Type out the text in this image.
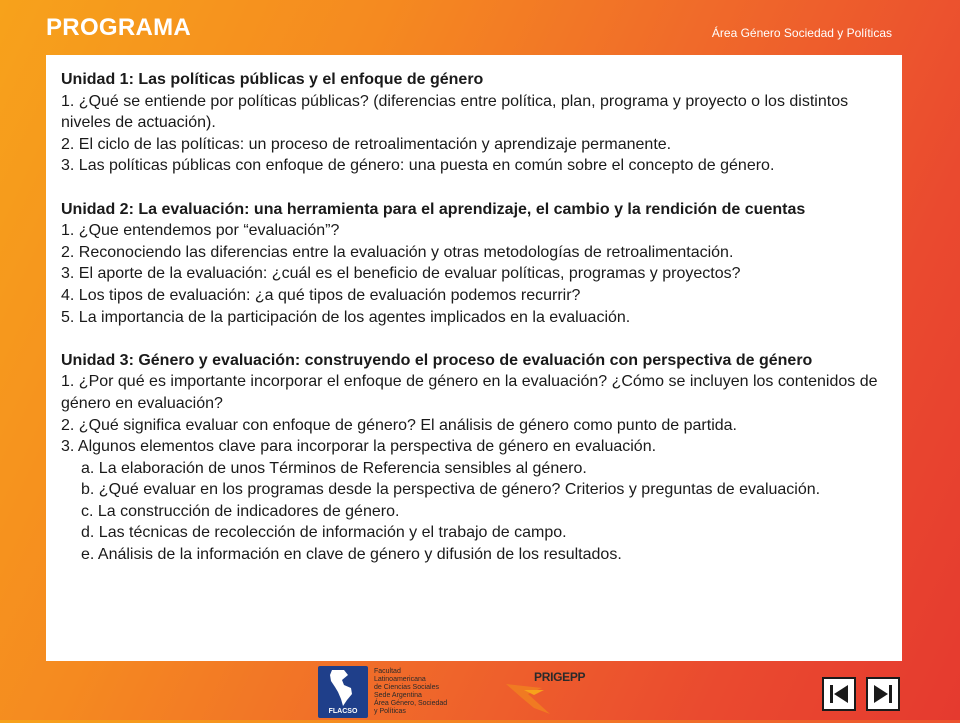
PROGRAMA	Área Género Sociedad y Políticas

Unidad 1: Las políticas públicas y el enfoque de género

1. ¿Qué se entiende por políticas públicas? (diferencias entre política, plan, programa y proyecto o los distintos niveles de actuación).

2. El ciclo de las políticas: un proceso de retroalimentación y aprendizaje permanente.

3. Las políticas públicas con enfoque de género: una puesta en común sobre el concepto de género.

Unidad 2: La evaluación: una herramienta para el aprendizaje, el cambio y la rendición de cuentas

1. ¿Que entendemos por “evaluación”?

2. Reconociendo las diferencias entre la evaluación y otras metodologías de retroalimentación.

3. El aporte de la evaluación: ¿cuál es el beneficio de evaluar políticas, programas y proyectos?

4. Los tipos de evaluación: ¿a qué tipos de evaluación podemos recurrir?

5. La importancia de la participación de los agentes implicados en la evaluación.

Unidad 3: Género y evaluación: construyendo el proceso de evaluación con perspectiva de género

1. ¿Por qué es importante incorporar el enfoque de género en la evaluación? ¿Cómo se incluyen los contenidos de género en evaluación?

2. ¿Qué significa evaluar con enfoque de género? El análisis de género como punto de partida.

3. Algunos elementos clave para incorporar la perspectiva de género en evaluación.

a. La elaboración de unos Términos de Referencia sensibles al género.

b. ¿Qué evaluar en los programas desde la perspectiva de género? Criterios y preguntas de evaluación.

c. La construcción de indicadores de género.

d. Las técnicas de recolección de información y el trabajo de campo.

e. Análisis de la información en clave de género y difusión de los resultados.

FLACSO
Facultad
Latinoamericana
de Ciencias Sociales
Sede Argentina
Área Género, Sociedad
y Políticas
PRIGEPP
